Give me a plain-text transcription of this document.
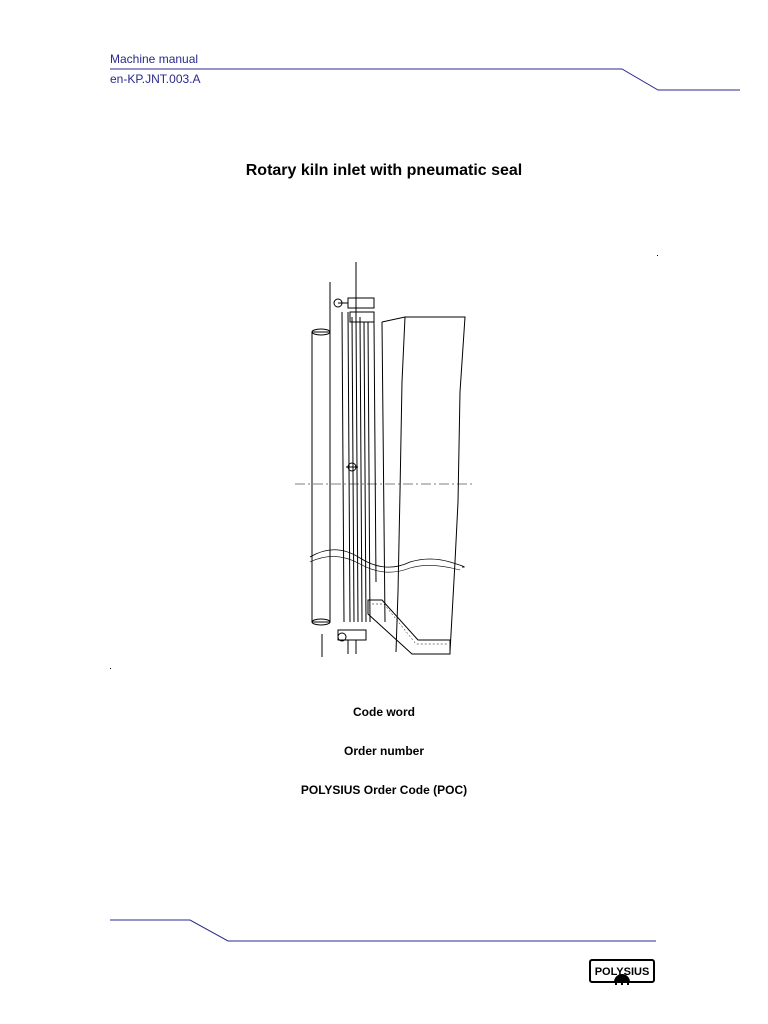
Machine manual
en-KP.JNT.003.A
Rotary kiln inlet with pneumatic seal
Code word
Order number
POLYSIUS Order Code (POC)
POLYSIUS
